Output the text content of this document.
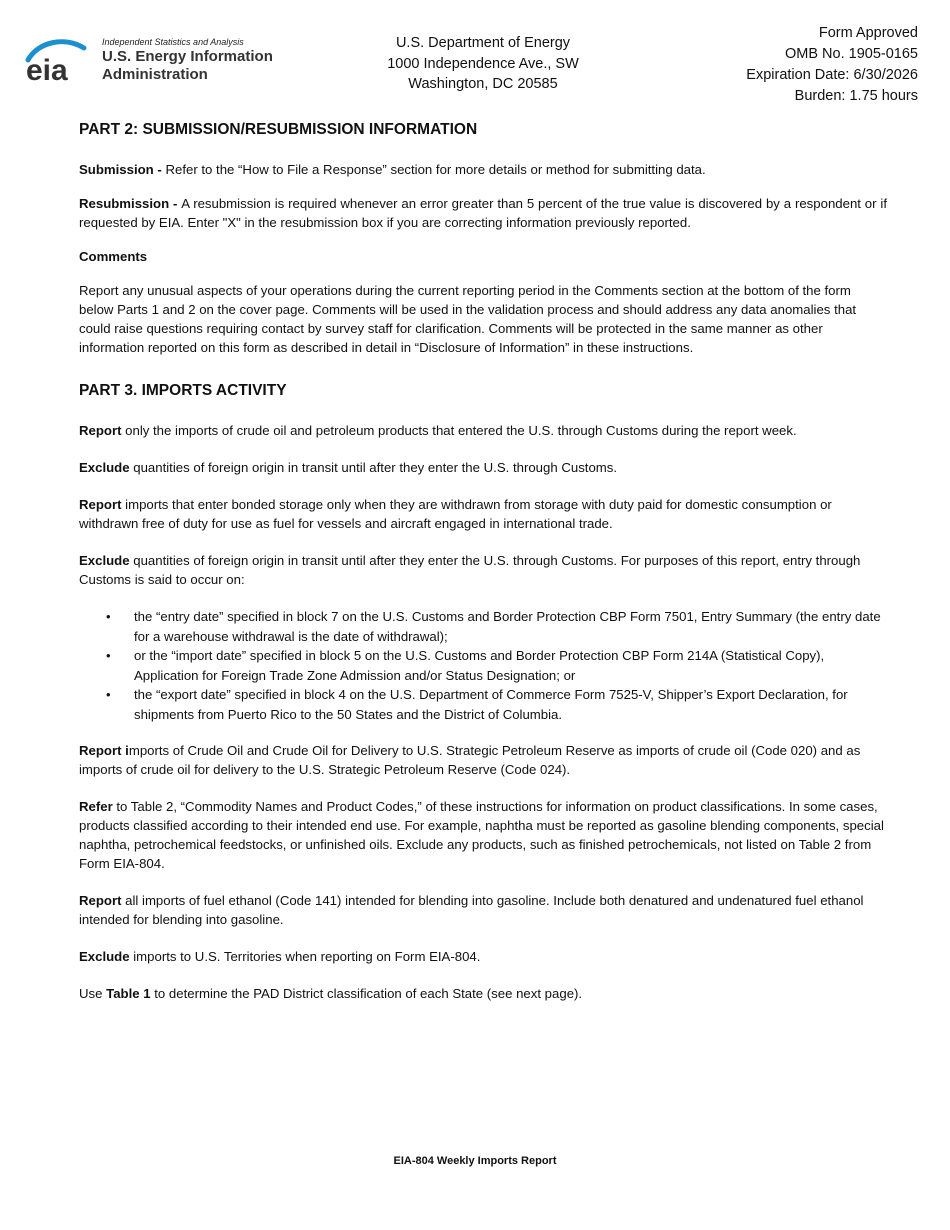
eia
Independent Statistics and Analysis
U.S. Energy Information
Administration
U.S. Department of Energy
1000 Independence Ave., SW
Washington, DC 20585
Form Approved
OMB No. 1905-0165
Expiration Date: 6/30/2026
Burden: 1.75 hours
PART 2: SUBMISSION/RESUBMISSION INFORMATION

Submission - Refer to the “How to File a Response” section for more details or method for submitting data.

Resubmission - A resubmission is required whenever an error greater than 5 percent of the true value is discovered by a respondent or if requested by EIA. Enter "X" in the resubmission box if you are correcting information previously reported.

Comments

Report any unusual aspects of your operations during the current reporting period in the Comments section at the bottom of the form below Parts 1 and 2 on the cover page. Comments will be used in the validation process and should address any data anomalies that could raise questions requiring contact by survey staff for clarification. Comments will be protected in the same manner as other information reported on this form as described in detail in “Disclosure of Information” in these instructions.

PART 3. IMPORTS ACTIVITY

Report only the imports of crude oil and petroleum products that entered the U.S. through Customs during the report week.

Exclude quantities of foreign origin in transit until after they enter the U.S. through Customs.

Report imports that enter bonded storage only when they are withdrawn from storage with duty paid for domestic consumption or withdrawn free of duty for use as fuel for vessels and aircraft engaged in international trade.

Exclude quantities of foreign origin in transit until after they enter the U.S. through Customs. For purposes of this report, entry through Customs is said to occur on:

• the “entry date” specified in block 7 on the U.S. Customs and Border Protection CBP Form 7501, Entry Summary (the entry date for a warehouse withdrawal is the date of withdrawal);
• or the “import date” specified in block 5 on the U.S. Customs and Border Protection CBP Form 214A (Statistical Copy), Application for Foreign Trade Zone Admission and/or Status Designation; or
• the “export date” specified in block 4 on the U.S. Department of Commerce Form 7525-V, Shipper’s Export Declaration, for shipments from Puerto Rico to the 50 States and the District of Columbia.

Report imports of Crude Oil and Crude Oil for Delivery to U.S. Strategic Petroleum Reserve as imports of crude oil (Code 020) and as imports of crude oil for delivery to the U.S. Strategic Petroleum Reserve (Code 024).

Refer to Table 2, “Commodity Names and Product Codes,” of these instructions for information on product classifications. In some cases, products classified according to their intended end use. For example, naphtha must be reported as gasoline blending components, special naphtha, petrochemical feedstocks, or unfinished oils. Exclude any products, such as finished petrochemicals, not listed on Table 2 from Form EIA-804.

Report all imports of fuel ethanol (Code 141) intended for blending into gasoline. Include both denatured and undenatured fuel ethanol intended for blending into gasoline.

Exclude imports to U.S. Territories when reporting on Form EIA-804.

Use Table 1 to determine the PAD District classification of each State (see next page).

EIA-804 Weekly Imports Report
